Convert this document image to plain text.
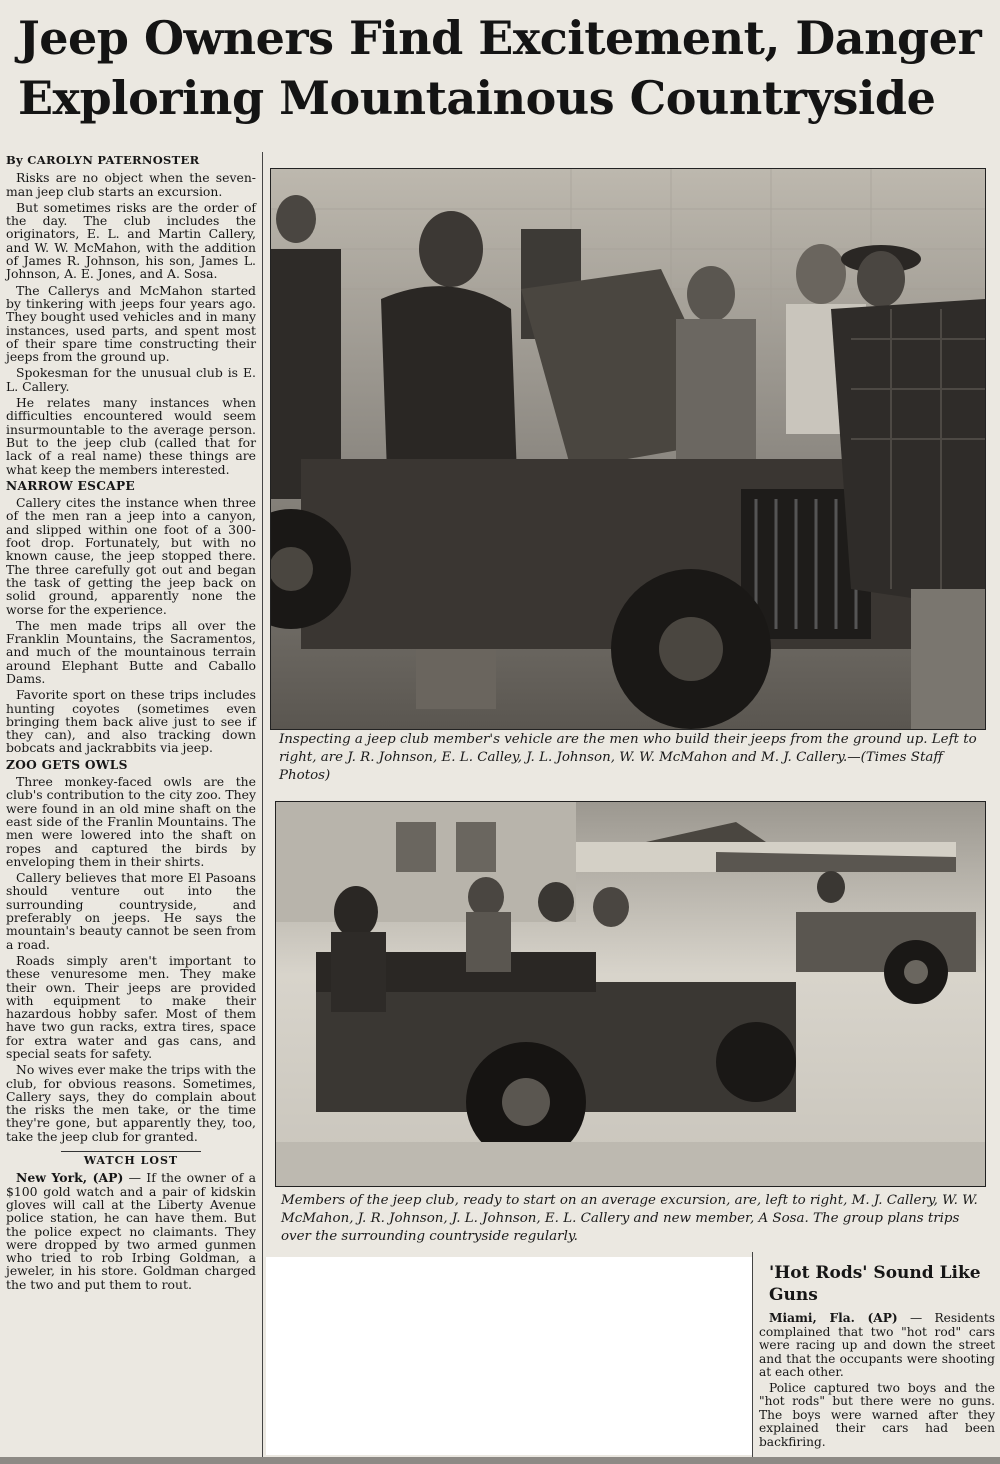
Jeep Owners Find Excitement, Danger
Exploring Mountainous Countryside
By CAROLYN PATERNOSTER

Risks are no object when the seven-man jeep club starts an excursion.

But sometimes risks are the order of the day. The club includes the originators, E. L. and Martin Callery, and W. W. McMahon, with the addition of James R. Johnson, his son, James L. Johnson, A. E. Jones, and A. Sosa.

The Callerys and McMahon started by tinkering with jeeps four years ago. They bought used vehicles and in many instances, used parts, and spent most of their spare time constructing their jeeps from the ground up.

Spokesman for the unusual club is E. L. Callery.

He relates many instances when difficulties encountered would seem insurmountable to the average person. But to the jeep club (called that for lack of a real name) these things are what keep the members interested.

NARROW ESCAPE

Callery cites the instance when three of the men ran a jeep into a canyon, and slipped within one foot of a 300-foot drop. Fortunately, but with no known cause, the jeep stopped there. The three carefully got out and began the task of getting the jeep back on solid ground, apparently none the worse for the experience.

The men made trips all over the Franklin Mountains, the Sacramentos, and much of the mountainous terrain around Elephant Butte and Caballo Dams.

Favorite sport on these trips includes hunting coyotes (sometimes even bringing them back alive just to see if they can), and also tracking down bobcats and jackrabbits via jeep.

ZOO GETS OWLS

Three monkey-faced owls are the club's contribution to the city zoo. They were found in an old mine shaft on the east side of the Franlin Mountains. The men were lowered into the shaft on ropes and captured the birds by enveloping them in their shirts.

Callery believes that more El Pasoans should venture out into the surrounding countryside, and preferably on jeeps. He says the mountain's beauty cannot be seen from a road.

Roads simply aren't important to these venuresome men. They make their own. Their jeeps are provided with equipment to make their hazardous hobby safer. Most of them have two gun racks, extra tires, space for extra water and gas cans, and special seats for safety.

No wives ever make the trips with the club, for obvious reasons. Sometimes, Callery says, they do complain about the risks the men take, or the time they're gone, but apparently they, too, take the jeep club for granted.

WATCH LOST

New York, (AP) — If the owner of a $100 gold watch and a pair of kidskin gloves will call at the Liberty Avenue police station, he can have them. But the police expect no claimants. They were dropped by two armed gunmen who tried to rob Irbing Goldman, a jeweler, in his store. Goldman charged the two and put them to rout.

Inspecting a jeep club member's vehicle are the men who build their jeeps from the ground up. Left to right, are J. R. Johnson, E. L. Calley, J. L. Johnson, W. W. McMahon and M. J. Callery.—(Times Staff Photos)
Members of the jeep club, ready to start on an average excursion, are, left to right, M. J. Callery, W. W. McMahon, J. R. Johnson, J. L. Johnson, E. L. Callery and new member, A Sosa. The group plans trips over the surrounding countryside regularly.
'Hot Rods' Sound Like Guns

Miami, Fla. (AP) — Residents complained that two "hot rod" cars were racing up and down the street and that the occupants were shooting at each other.

Police captured two boys and the "hot rods" but there were no guns. The boys were warned after they explained their cars had been backfiring.
